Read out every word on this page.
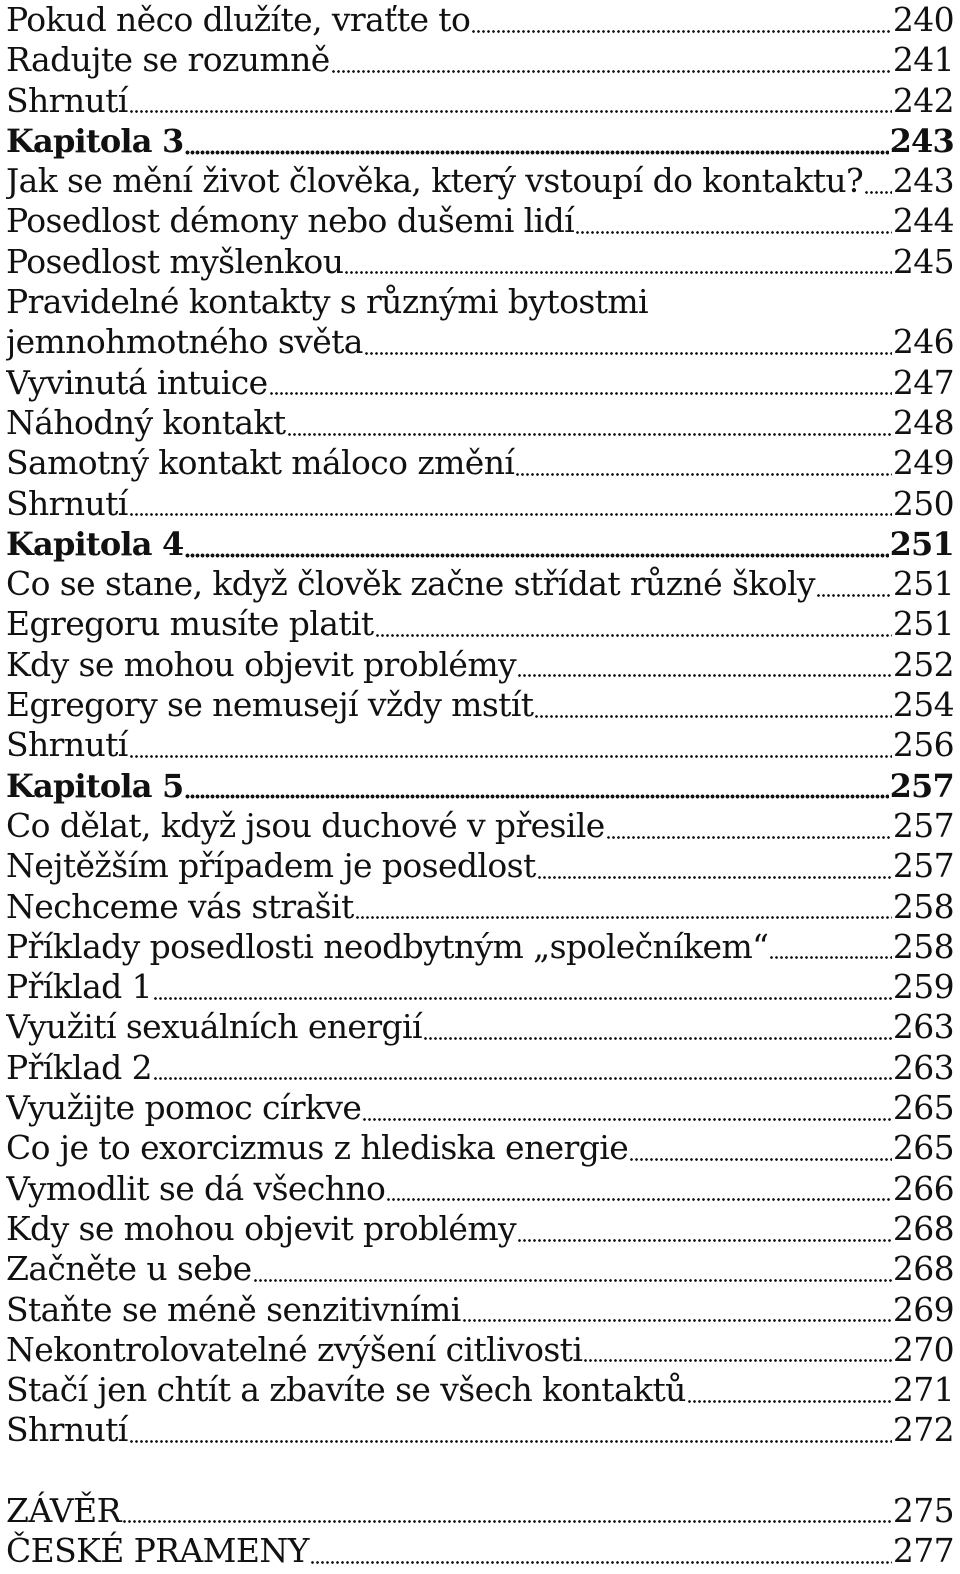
Pokud něco dlužíte, vraťte to	240
Radujte se rozumně	241
Shrnutí	242
Kapitola 3	243
Jak se mění život člověka, který vstoupí do kontaktu? 243
Posedlost démony nebo dušemi lidí	244
Posedlost myšlenkou	245
Pravidelné kontakty s různými bytostmi
jemnohmotného světa	246
Vyvinutá intuice	247
Náhodný kontakt	248
Samotný kontakt máloco změní	249
Shrnutí	250
Kapitola 4	251
Co se stane, když člověk začne střídat různé školy 251
Egregoru musíte platit	251
Kdy se mohou objevit problémy	252
Egregory se nemusejí vždy mstít	254
Shrnutí	256
Kapitola 5	257
Co dělat, když jsou duchové v přesile	257
Nejtěžším případem je posedlost	257
Nechceme vás strašit	258
Příklady posedlosti neodbytným „společníkem“	258
Příklad 1	259
Využití sexuálních energií	263
Příklad 2	263
Využijte pomoc církve	265
Co je to exorcizmus z hlediska energie	265
Vymodlit se dá všechno	266
Kdy se mohou objevit problémy	268
Začněte u sebe	268
Staňte se méně senzitivními	269
Nekontrolovatelné zvýšení citlivosti	270
Stačí jen chtít a zbavíte se všech kontaktů	271
Shrnutí	272
ZÁVĚR	275
ČESKÉ PRAMENY	277
